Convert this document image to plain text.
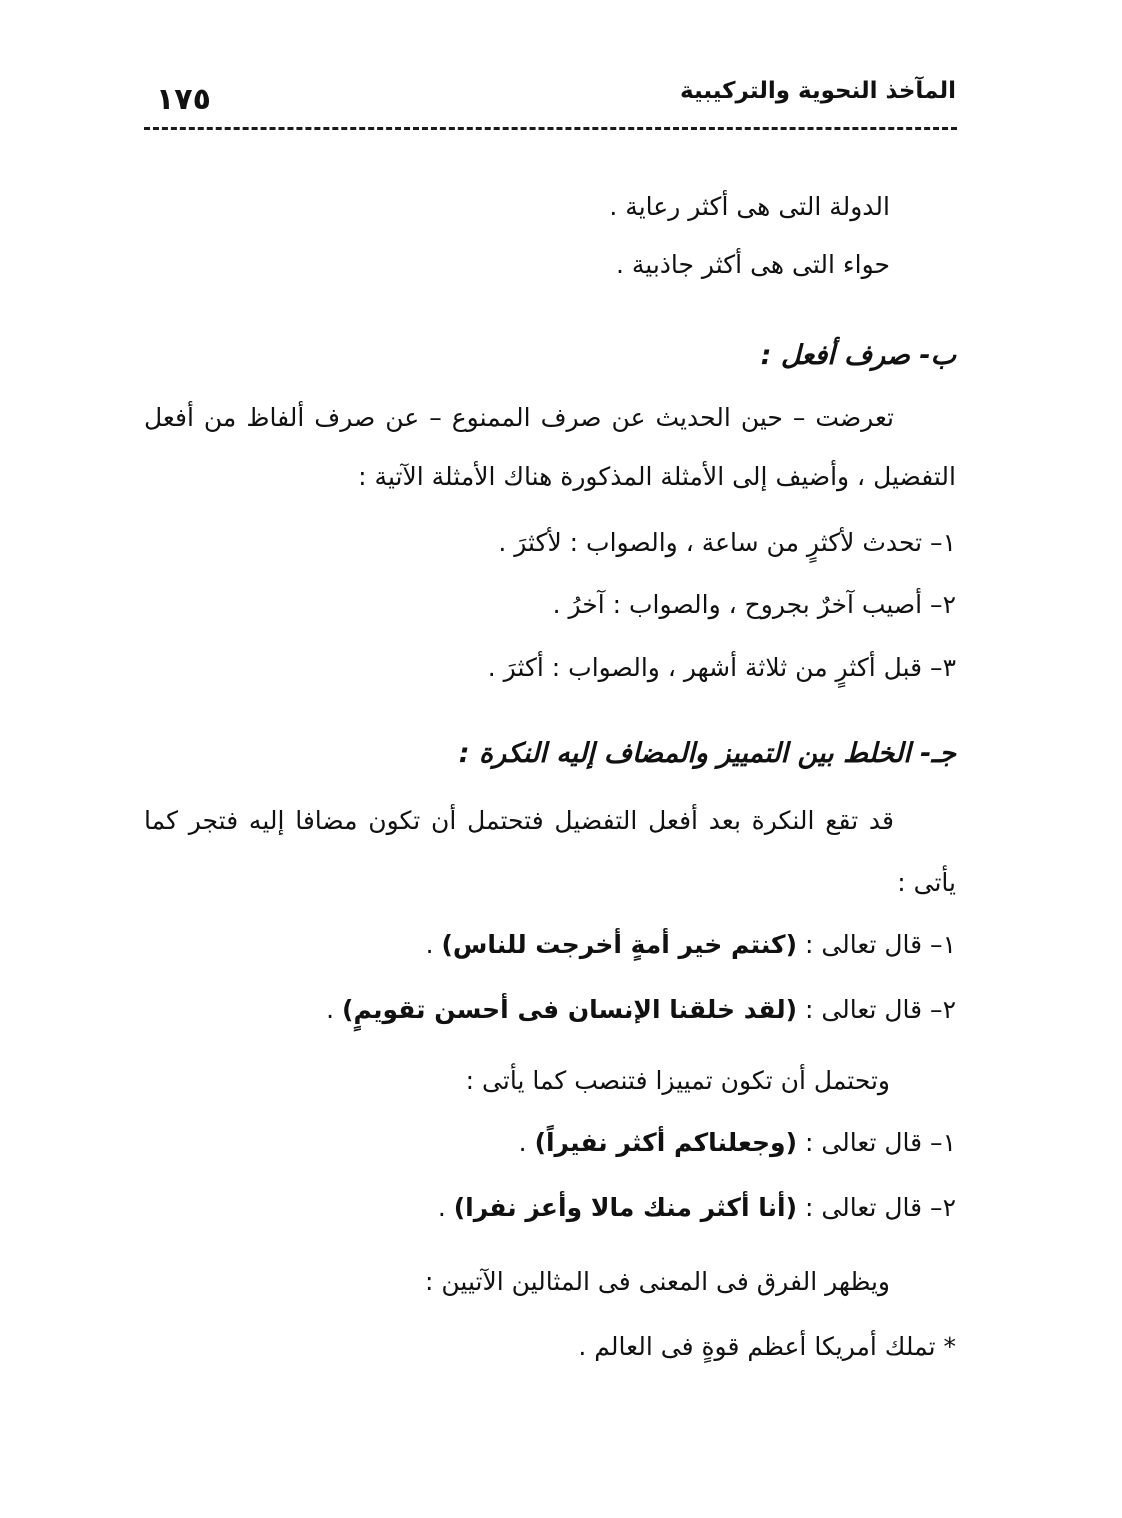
المآخذ النحوية والتركيبية
١٧٥
الدولة التى هى أكثر رعاية .
حواء التى هى أكثر جاذبية .
ب- صرف أفعل :
تعرضت – حين الحديث عن صرف الممنوع – عن صرف ألفاظ من أفعل
التفضيل ، وأضيف إلى الأمثلة المذكورة هناك الأمثلة الآتية :
١– تحدث لأكثرٍ من ساعة ، والصواب : لأكثرَ .
٢– أصيب آخرٌ بجروح ، والصواب : آخرُ .
٣– قبل أكثرٍ من ثلاثة أشهر ، والصواب : أكثرَ .
جـ- الخلط بين التمييز والمضاف إليه النكرة :
قد تقع النكرة بعد أفعل التفضيل فتحتمل أن تكون مضافا إليه فتجر كما
يأتى :
١– قال تعالى : (كنتم خير أمةٍ أخرجت للناس) .
٢– قال تعالى : (لقد خلقنا الإنسان فى أحسن تقويمٍ) .
وتحتمل أن تكون تمييزا فتنصب كما يأتى :
١– قال تعالى : (وجعلناكم أكثر نفيراً) .
٢– قال تعالى : (أنا أكثر منك مالا وأعز نفرا) .
ويظهر الفرق فى المعنى فى المثالين الآتيين :
* تملك أمريكا أعظم قوةٍ فى العالم .
